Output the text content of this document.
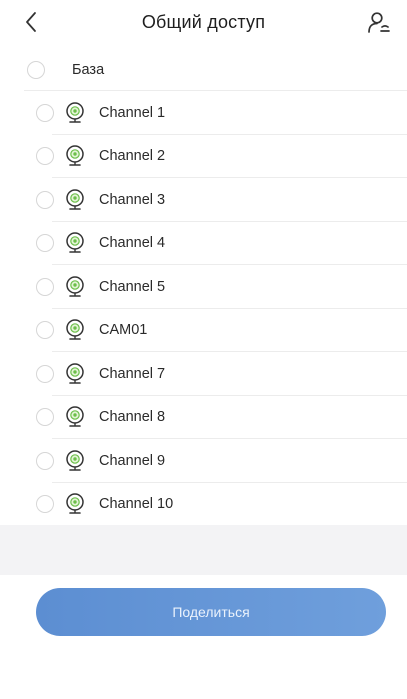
Общий доступ
База
Channel 1
Channel 2
Channel 3
Channel 4
Channel 5
CAM01
Channel 7
Channel 8
Channel 9
Channel 10
Поделиться
